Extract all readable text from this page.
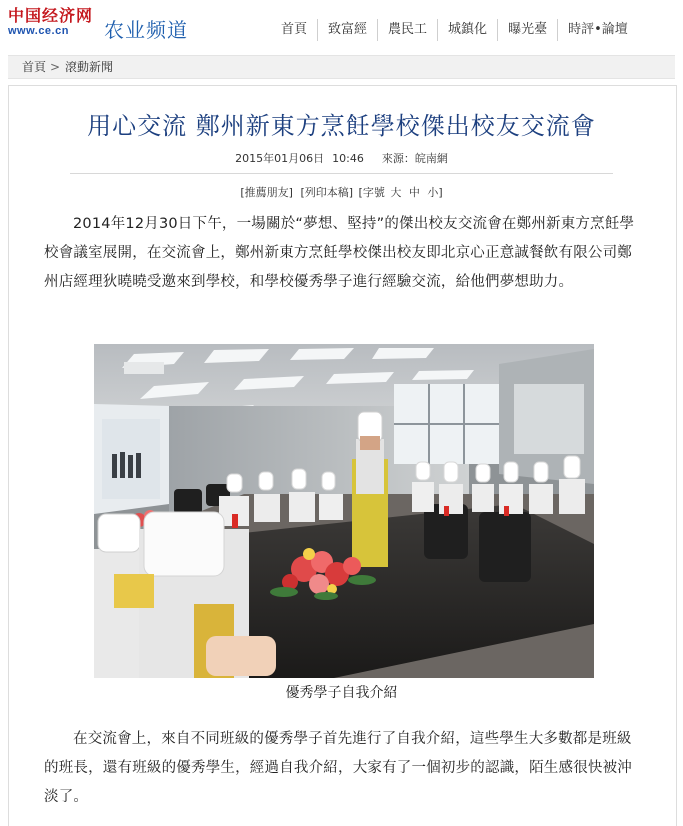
中国经济网
www.ce.cn	农业频道	首頁	致富經	農民工	城鎮化	曝光臺	時評•論壇
首頁 > 滾動新聞
用心交流 鄭州新東方烹飪學校傑出校友交流會
2015年01月06日 10:46 來源：皖南網
[推薦朋友] [列印本稿] [字號 大 中 小]

2014年12月30日下午，一場關於“夢想、堅持”的傑出校友交流會在鄭州新東方烹飪學校會議室展開，在交流會上，鄭州新東方烹飪學校傑出校友即北京心正意誠餐飲有限公司鄭州店經理狄曉曉受邀來到學校，和學校優秀學子進行經驗交流，給他們夢想助力。

優秀學子自我介紹

在交流會上，來自不同班級的優秀學子首先進行了自我介紹，這些學生大多數都是班級的班長，還有班級的優秀學生，經過自我介紹，大家有了一個初步的認識，陌生感很快被沖淡了。
